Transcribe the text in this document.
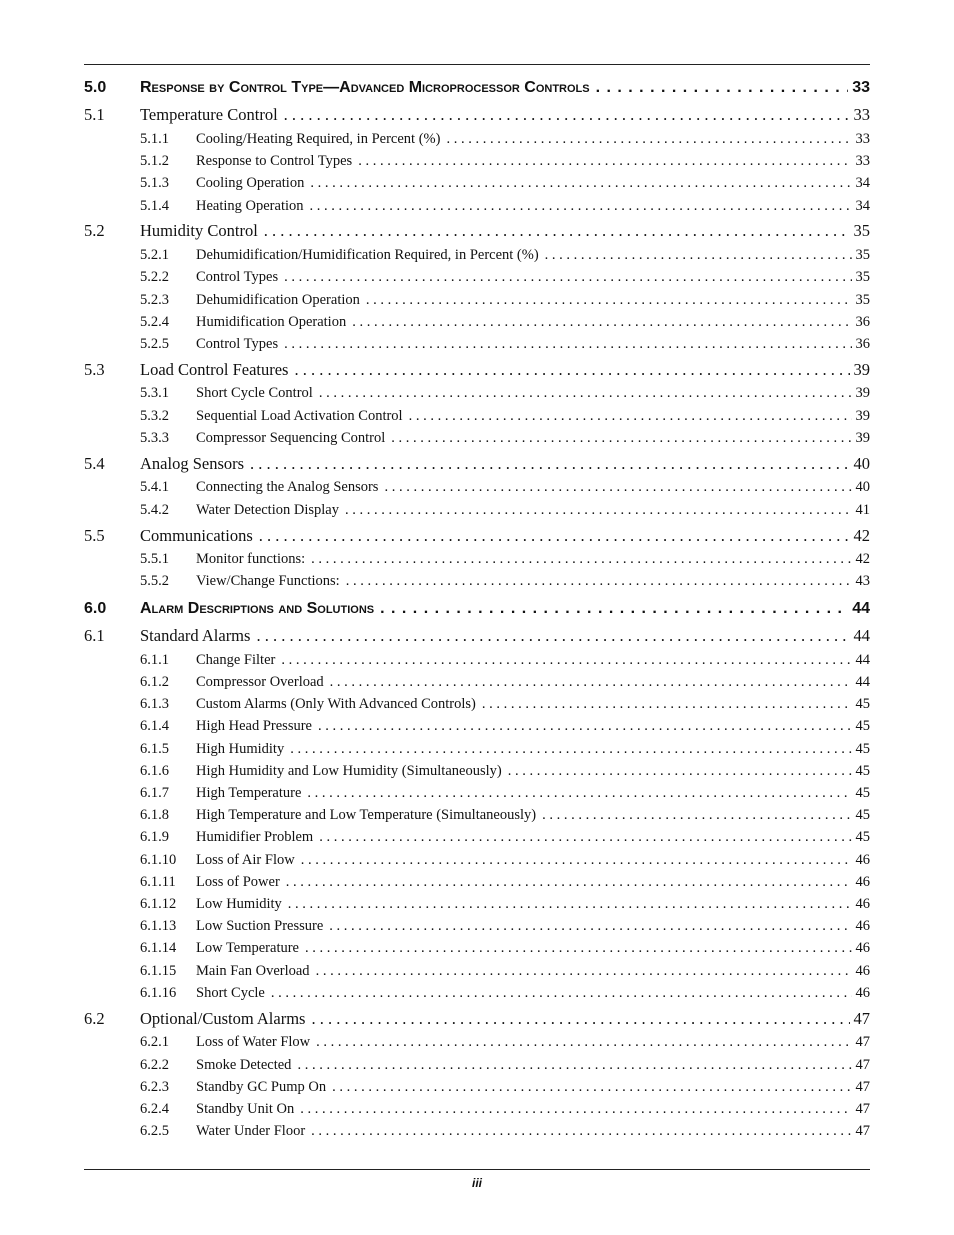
5.0	Response by Control Type—Advanced Microprocessor Controls . . .	33
5.1	Temperature Control . . .	33
5.1.1	Cooling/Heating Required, in Percent (%) . . .	33
5.1.2	Response to Control Types . . .	33
5.1.3	Cooling Operation . . .	34
5.1.4	Heating Operation . . .	34
5.2	Humidity Control . . .	35
5.2.1	Dehumidification/Humidification Required, in Percent (%) . . .	35
5.2.2	Control Types . . .	35
5.2.3	Dehumidification Operation . . .	35
5.2.4	Humidification Operation . . .	36
5.2.5	Control Types . . .	36
5.3	Load Control Features . . .	39
5.3.1	Short Cycle Control . . .	39
5.3.2	Sequential Load Activation Control . . .	39
5.3.3	Compressor Sequencing Control . . .	39
5.4	Analog Sensors . . .	40
5.4.1	Connecting the Analog Sensors . . .	40
5.4.2	Water Detection Display . . .	41
5.5	Communications . . .	42
5.5.1	Monitor functions: . . .	42
5.5.2	View/Change Functions: . . .	43
6.0	Alarm Descriptions and Solutions . . .	44
6.1	Standard Alarms . . .	44
6.1.1	Change Filter . . .	44
6.1.2	Compressor Overload . . .	44
6.1.3	Custom Alarms (Only With Advanced Controls) . . .	45
6.1.4	High Head Pressure . . .	45
6.1.5	High Humidity . . .	45
6.1.6	High Humidity and Low Humidity (Simultaneously) . . .	45
6.1.7	High Temperature . . .	45
6.1.8	High Temperature and Low Temperature (Simultaneously) . . .	45
6.1.9	Humidifier Problem . . .	45
6.1.10	Loss of Air Flow . . .	46
6.1.11	Loss of Power . . .	46
6.1.12	Low Humidity . . .	46
6.1.13	Low Suction Pressure . . .	46
6.1.14	Low Temperature . . .	46
6.1.15	Main Fan Overload . . .	46
6.1.16	Short Cycle . . .	46
6.2	Optional/Custom Alarms . . .	47
6.2.1	Loss of Water Flow . . .	47
6.2.2	Smoke Detected . . .	47
6.2.3	Standby GC Pump On . . .	47
6.2.4	Standby Unit On . . .	47
6.2.5	Water Under Floor . . .	47
iii
